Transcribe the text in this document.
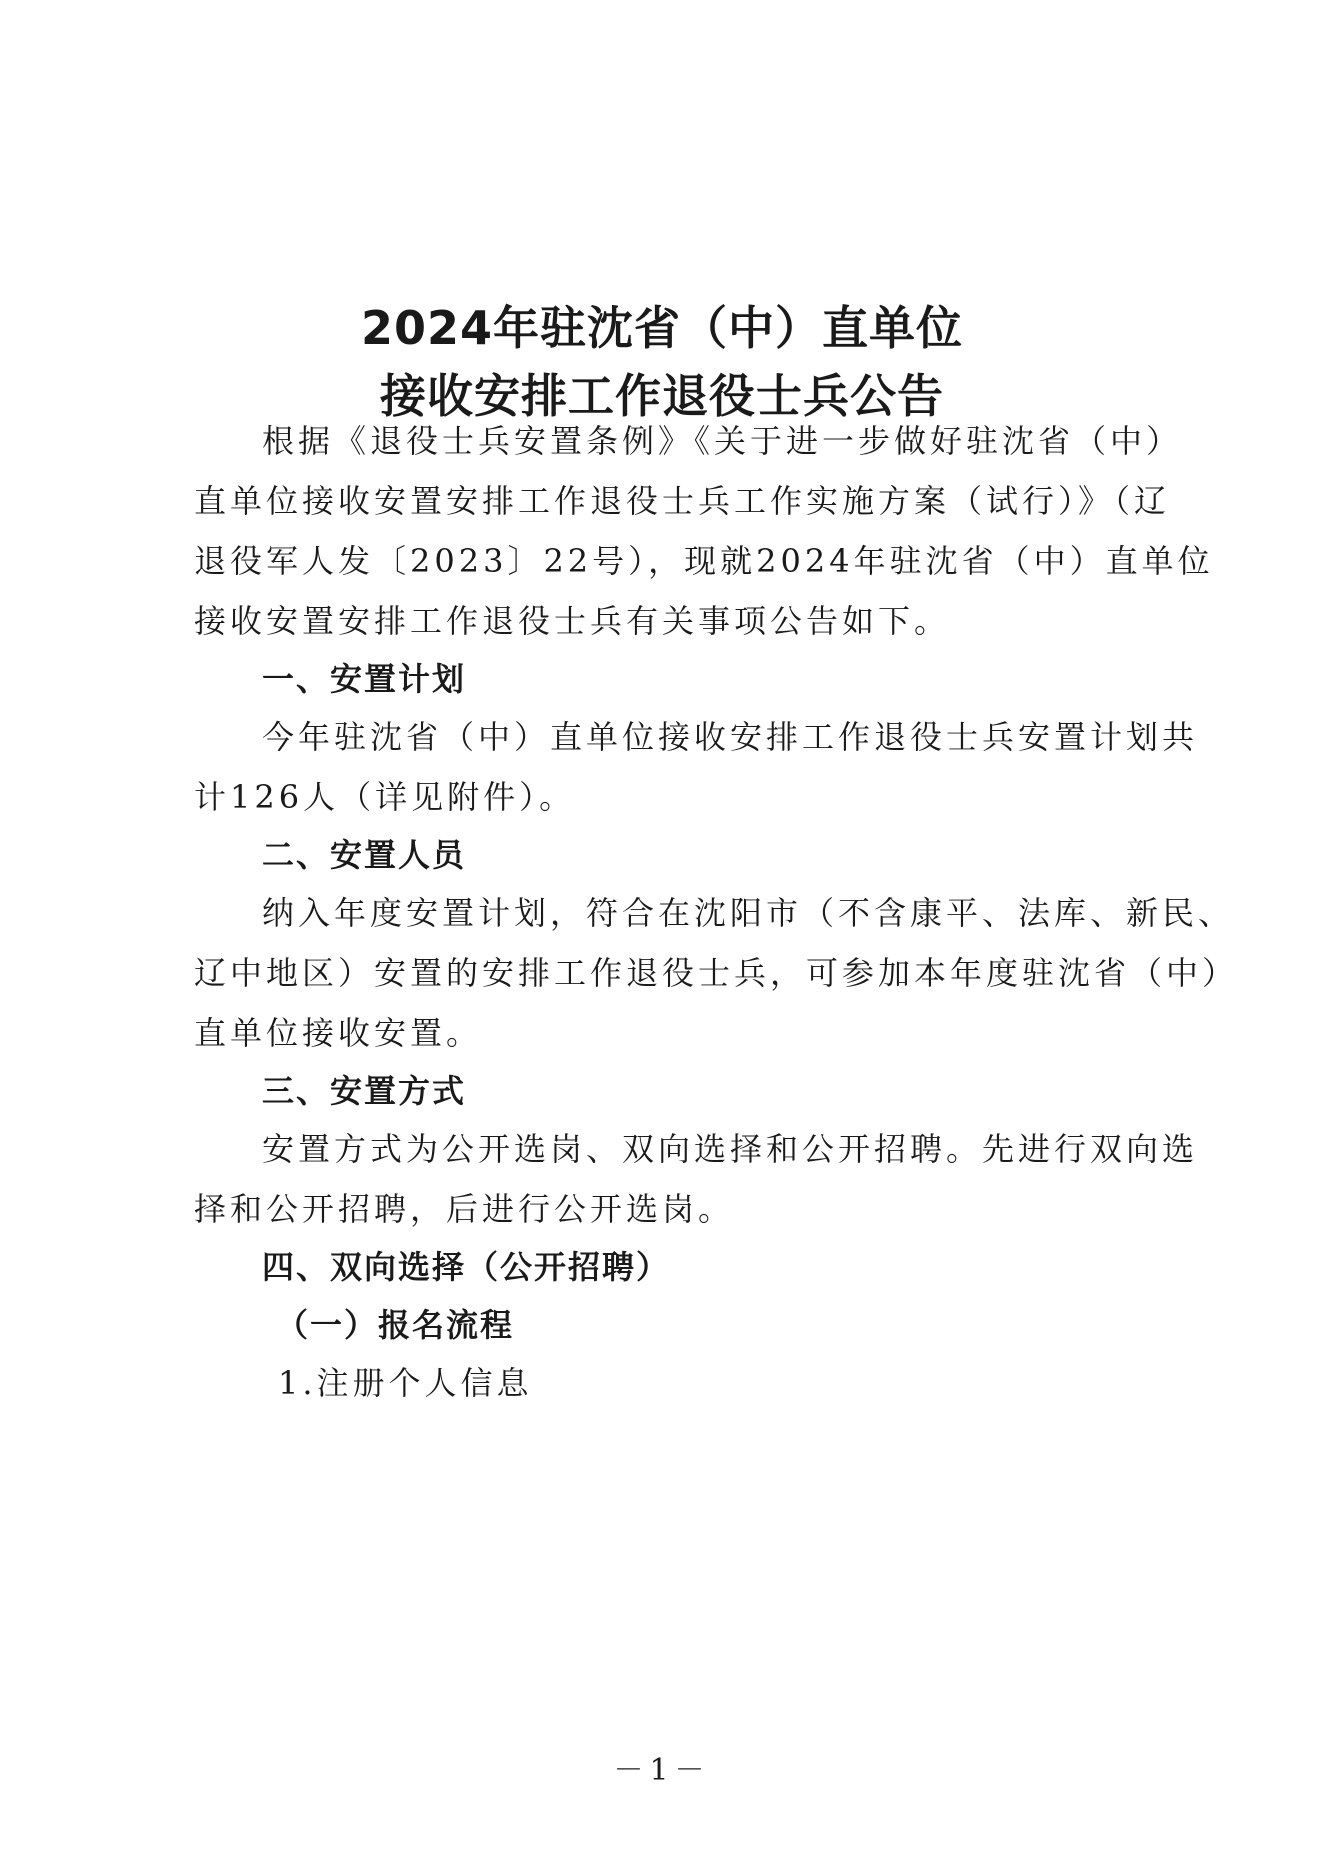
2024年驻沈省（中）直单位
接收安排工作退役士兵公告
根据《退役士兵安置条例》《关于进一步做好驻沈省（中）
直单位接收安置安排工作退役士兵工作实施方案（试行）》（辽
退役军人发〔2023〕22号），现就2024年驻沈省（中）直单位
接收安置安排工作退役士兵有关事项公告如下。
一、安置计划
今年驻沈省（中）直单位接收安排工作退役士兵安置计划共
计126人（详见附件）。
二、安置人员
纳入年度安置计划，符合在沈阳市（不含康平、法库、新民、
辽中地区）安置的安排工作退役士兵，可参加本年度驻沈省（中）
直单位接收安置。
三、安置方式
安置方式为公开选岗、双向选择和公开招聘。先进行双向选
择和公开招聘，后进行公开选岗。
四、双向选择（公开招聘）
（一）报名流程
1.注册个人信息
－1－
